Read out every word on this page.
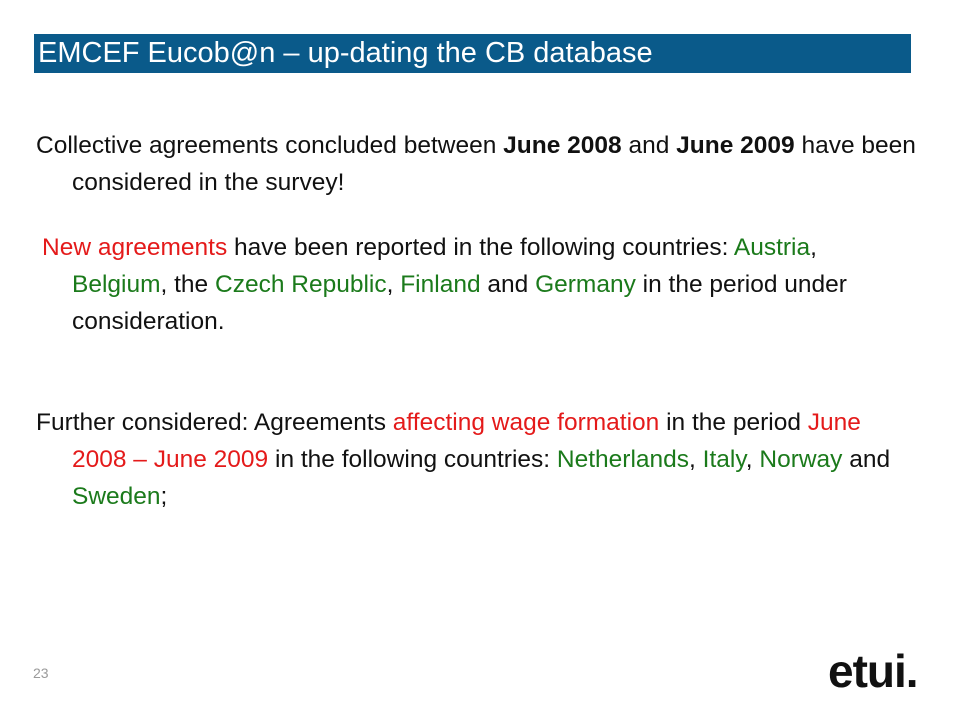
EMCEF Eucob@n – up-dating the CB database
Collective agreements concluded between June 2008 and June 2009 have been considered in the survey!
New agreements have been reported in the following countries: Austria, Belgium, the Czech Republic, Finland and Germany in the period under consideration.
Further considered: Agreements affecting wage formation in the period June 2008 – June 2009 in the following countries: Netherlands, Italy, Norway and Sweden;
23	etui.
